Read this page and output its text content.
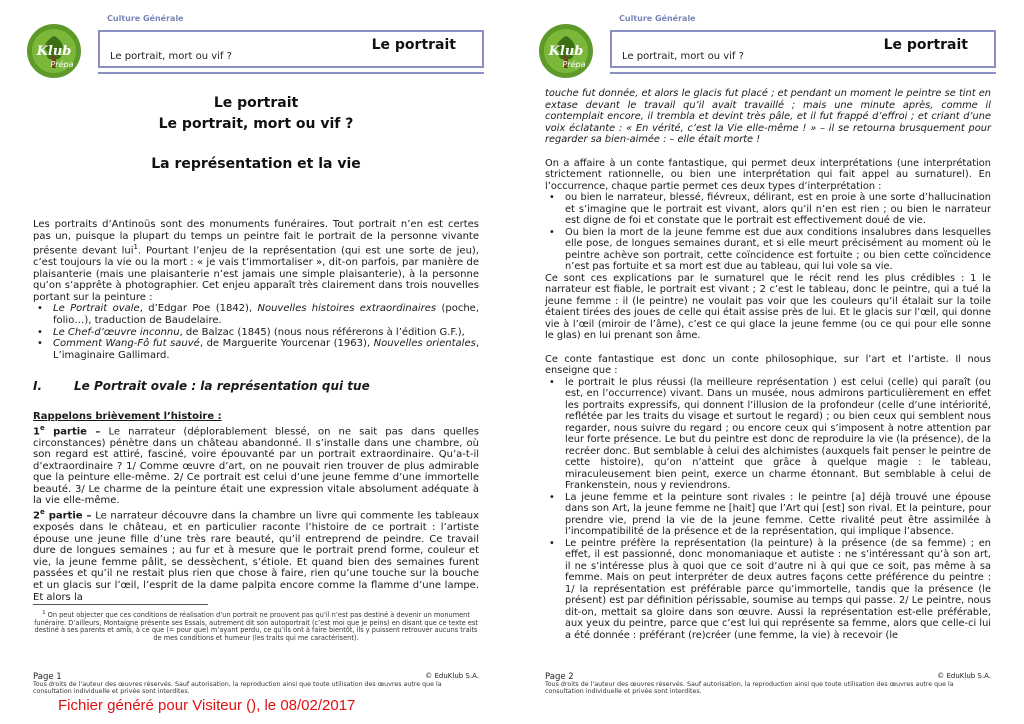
Culture Générale
Klub
Prépa
Le portrait
Le portrait, mort ou vif ?
Le portrait
Le portrait, mort ou vif ?
La représentation et la vie

Les portraits d’Antinoüs sont des monuments funéraires. Tout portrait n’en est certes pas un, puisque la plupart du temps un peintre fait le portrait de la personne vivante présente devant lui$^1$. Pourtant l’enjeu de la représentation (qui est une sorte de jeu), c’est toujours la vie ou la mort : « je vais t’immortaliser », dit-on parfois, par manière de plaisanterie (mais une plaisanterie n’est jamais une simple plaisanterie), à la personne qu’on s’apprête à photographier. Cet enjeu apparaît très clairement dans trois nouvelles portant sur la peinture :

• Le Portrait ovale, d’Edgar Poe (1842), Nouvelles histoires extraordinaires (poche, folio…), traduction de Baudelaire.
• Le Chef-d’œuvre inconnu, de Balzac (1845) (nous nous référerons à l’édition G.F.),
• Comment Wang-Fô fut sauvé, de Marguerite Yourcenar (1963), Nouvelles orientales, L’imaginaire Gallimard.
I.	Le Portrait ovale : la représentation qui tue

Rappelons brièvement l’histoire :

1e partie – Le narrateur (déplorablement blessé, on ne sait pas dans quelles circonstances) pénètre dans un château abandonné. Il s’installe dans une chambre, où son regard est attiré, fasciné, voire épouvanté par un portrait extraordinaire. Qu’a-t-il d’extraordinaire ? 1/ Comme œuvre d’art, on ne pouvait rien trouver de plus admirable que la peinture elle-même. 2/ Ce portrait est celui d’une jeune femme d’une immortelle beauté. 3/ Le charme de la peinture était une expression vitale absolument adéquate à la vie elle-même.

2e partie – Le narrateur découvre dans la chambre un livre qui commente les tableaux exposés dans le château, et en particulier raconte l’histoire de ce portrait : l’artiste épouse une jeune fille d’une très rare beauté, qu’il entreprend de peindre. Ce travail dure de longues semaines ; au fur et à mesure que le portrait prend forme, couleur et vie, la jeune femme pâlit, se dessèchent, s’étiole. Et quand bien des semaines furent passées et qu’il ne restait plus rien que chose à faire, rien qu’une touche sur la bouche et un glacis sur l’œil, l’esprit de la dame palpita encore comme la flamme d’une lampe. Et alors la

$^1$ On peut objecter que ces conditions de réalisation d’un portrait ne prouvent pas qu’il n’est pas destiné à devenir un monument funéraire. D’ailleurs, Montaigne présente ses Essais, autrement dit son autoportrait (c’est moi que je peins) en disant que ce texte est destiné à ses parents et amis, à ce que (= pour que) m’ayant perdu, ce qu’ils ont à faire bientôt, ils y puissent retrouver aucuns traits de mes conditions et humeur (les traits qui me caractérisent).
Page 1	© EduKlub S.A.
Tous droits de l’auteur des œuvres réservés. Sauf autorisation, la reproduction ainsi que toute utilisation des œuvres autre que la consultation individuelle et privée sont interdites.
Fichier généré pour Visiteur (), le 08/02/2017
Culture Générale
Klub
Prépa
Le portrait
Le portrait, mort ou vif ?

touche fut donnée, et alors le glacis fut placé ; et pendant un moment le peintre se tint en extase devant le travail qu’il avait travaillé ; mais une minute après, comme il contemplait encore, il trembla et devint très pâle, et il fut frappé d’effroi ; et criant d’une voix éclatante : « En vérité, c’est la Vie elle-même ! » – il se retourna brusquement pour regarder sa bien-aimée : – elle était morte !

On a affaire à un conte fantastique, qui permet deux interprétations (une interprétation strictement rationnelle, ou bien une interprétation qui fait appel au surnaturel). En l’occurrence, chaque partie permet ces deux types d’interprétation :

• ou bien le narrateur, blessé, fiévreux, délirant, est en proie à une sorte d’hallucination et s’imagine que le portrait est vivant, alors qu’il n’en est rien ; ou bien le narrateur est digne de foi et constate que le portrait est effectivement doué de vie.
• Ou bien la mort de la jeune femme est due aux conditions insalubres dans lesquelles elle pose, de longues semaines durant, et si elle meurt précisément au moment où le peintre achève son portrait, cette coïncidence est fortuite ; ou bien cette coïncidence n’est pas fortuite et sa mort est due au tableau, qui lui vole sa vie.

Ce sont ces explications par le surnaturel que le récit rend les plus crédibles : 1 le narrateur est fiable, le portrait est vivant ; 2 c’est le tableau, donc le peintre, qui a tué la jeune femme : il (le peintre) ne voulait pas voir que les couleurs qu’il étalait sur la toile étaient tirées des joues de celle qui était assise près de lui. Et le glacis sur l’œil, qui donne vie à l’œil (miroir de l’âme), c’est ce qui glace la jeune femme (ou ce qui pour elle sonne le glas) en lui prenant son âme.

Ce conte fantastique est donc un conte philosophique, sur l’art et l’artiste. Il nous enseigne que :

• le portrait le plus réussi (la meilleure représentation ) est celui (celle) qui paraît (ou est, en l’occurrence) vivant. Dans un musée, nous admirons particulièrement en effet les portraits expressifs, qui donnent l’illusion de la profondeur (celle d’une intériorité, reflétée par les traits du visage et surtout le regard) ; ou bien ceux qui semblent nous regarder, nous suivre du regard ; ou encore ceux qui s’imposent à notre attention par leur forte présence. Le but du peintre est donc de reproduire la vie (la présence), de la recréer donc. But semblable à celui des alchimistes (auxquels fait penser le peintre de cette histoire), qu’on n’atteint que grâce à quelque magie : le tableau, miraculeusement bien peint, exerce un charme étonnant. But semblable à celui de Frankenstein, nous y reviendrons.
• La jeune femme et la peinture sont rivales : le peintre [a] déjà trouvé une épouse dans son Art, la jeune femme ne [hait] que l’Art qui [est] son rival. Et la peinture, pour prendre vie, prend la vie de la jeune femme. Cette rivalité peut être assimilée à l’incompatibilité de la présence et de la représentation, qui implique l’absence.
• Le peintre préfère la représentation (la peinture) à la présence (de sa femme) ; en effet, il est passionné, donc monomaniaque et autiste : ne s’intéressant qu’à son art, il ne s’intéresse plus à quoi que ce soit d’autre ni à qui que ce soit, pas même à sa femme. Mais on peut interpréter de deux autres façons cette préférence du peintre : 1/ la représentation est préférable parce qu’immortelle, tandis que la présence (le présent) est par définition périssable, soumise au temps qui passe. 2/ Le peintre, nous dit-on, mettait sa gloire dans son œuvre. Aussi la représentation est-elle préférable, aux yeux du peintre, parce que c’est lui qui représente sa femme, alors que celle-ci lui a été donnée : préférant (re)créer (une femme, la vie) à recevoir (le
Page 2	© EduKlub S.A.
Tous droits de l’auteur des œuvres réservés. Sauf autorisation, la reproduction ainsi que toute utilisation des œuvres autre que la consultation individuelle et privée sont interdites.
